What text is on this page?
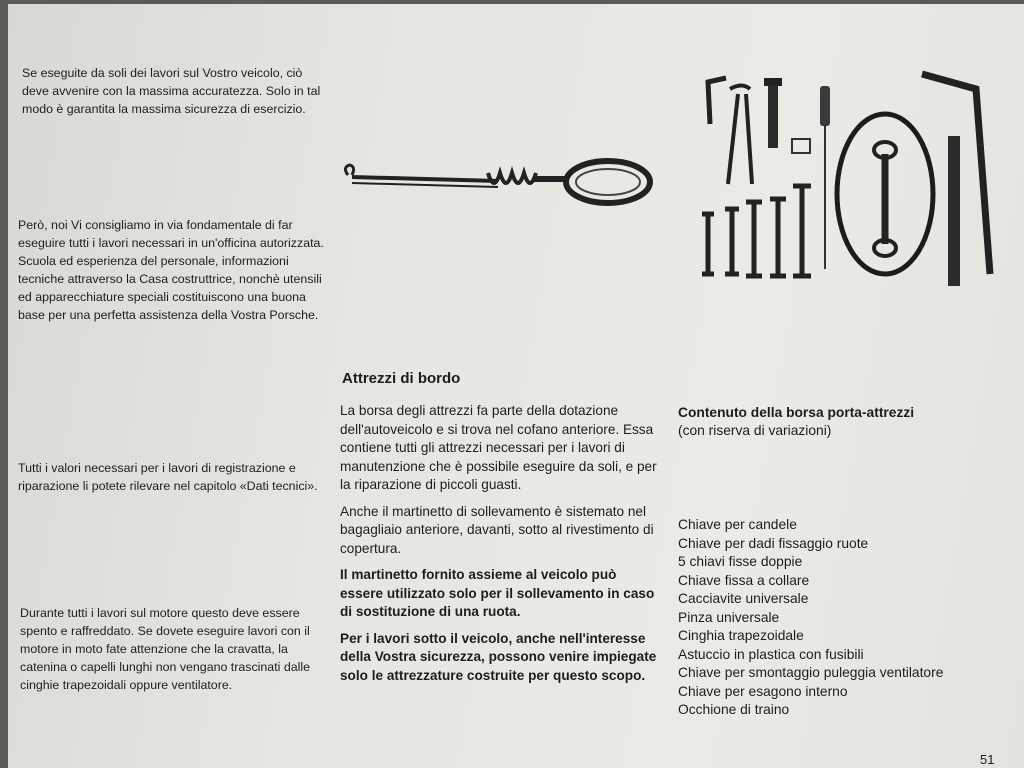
Se eseguite da soli dei lavori sul Vostro veicolo, ciò deve avvenire con la massima accuratezza. Solo in tal modo è garantita la massima sicurezza di esercizio.

Però, noi Vi consigliamo in via fondamentale di far eseguire tutti i lavori necessari in un'officina autorizzata. Scuola ed esperienza del personale, informazioni tecniche attraverso la Casa costruttrice, nonchè utensili ed apparecchiature speciali costituiscono una buona base per una perfetta assistenza della Vostra Porsche.

Tutti i valori necessari per i lavori di registrazione e riparazione li potete rilevare nel capitolo «Dati tecnici».

Durante tutti i lavori sul motore questo deve essere spento e raffreddato. Se dovete eseguire lavori con il motore in moto fate attenzione che la cravatta, la catenina o capelli lunghi non vengano trascinati dalle cinghie trapezoidali oppure ventilatore.

Attrezzi di bordo

La borsa degli attrezzi fa parte della dotazione dell'autoveicolo e si trova nel cofano anteriore. Essa contiene tutti gli attrezzi necessari per i lavori di manutenzione che è possibile eseguire da soli, e per la riparazione di piccoli guasti.

Anche il martinetto di sollevamento è sistemato nel bagagliaio anteriore, davanti, sotto al rivestimento di copertura.

Il martinetto fornito assieme al veicolo può essere utilizzato solo per il sollevamento in caso di sostituzione di una ruota.

Per i lavori sotto il veicolo, anche nell'interesse della Vostra sicurezza, possono venire impiegate solo le attrezzature costruite per questo scopo.

Contenuto della borsa porta-attrezzi
(con riserva di variazioni)
Chiave per candele
Chiave per dadi fissaggio ruote
5 chiavi fisse doppie
Chiave fissa a collare
Cacciavite universale
Pinza universale
Cinghia trapezoidale
Astuccio in plastica con fusibili
Chiave per smontaggio puleggia ventilatore
Chiave per esagono interno
Occhione di traino
51
